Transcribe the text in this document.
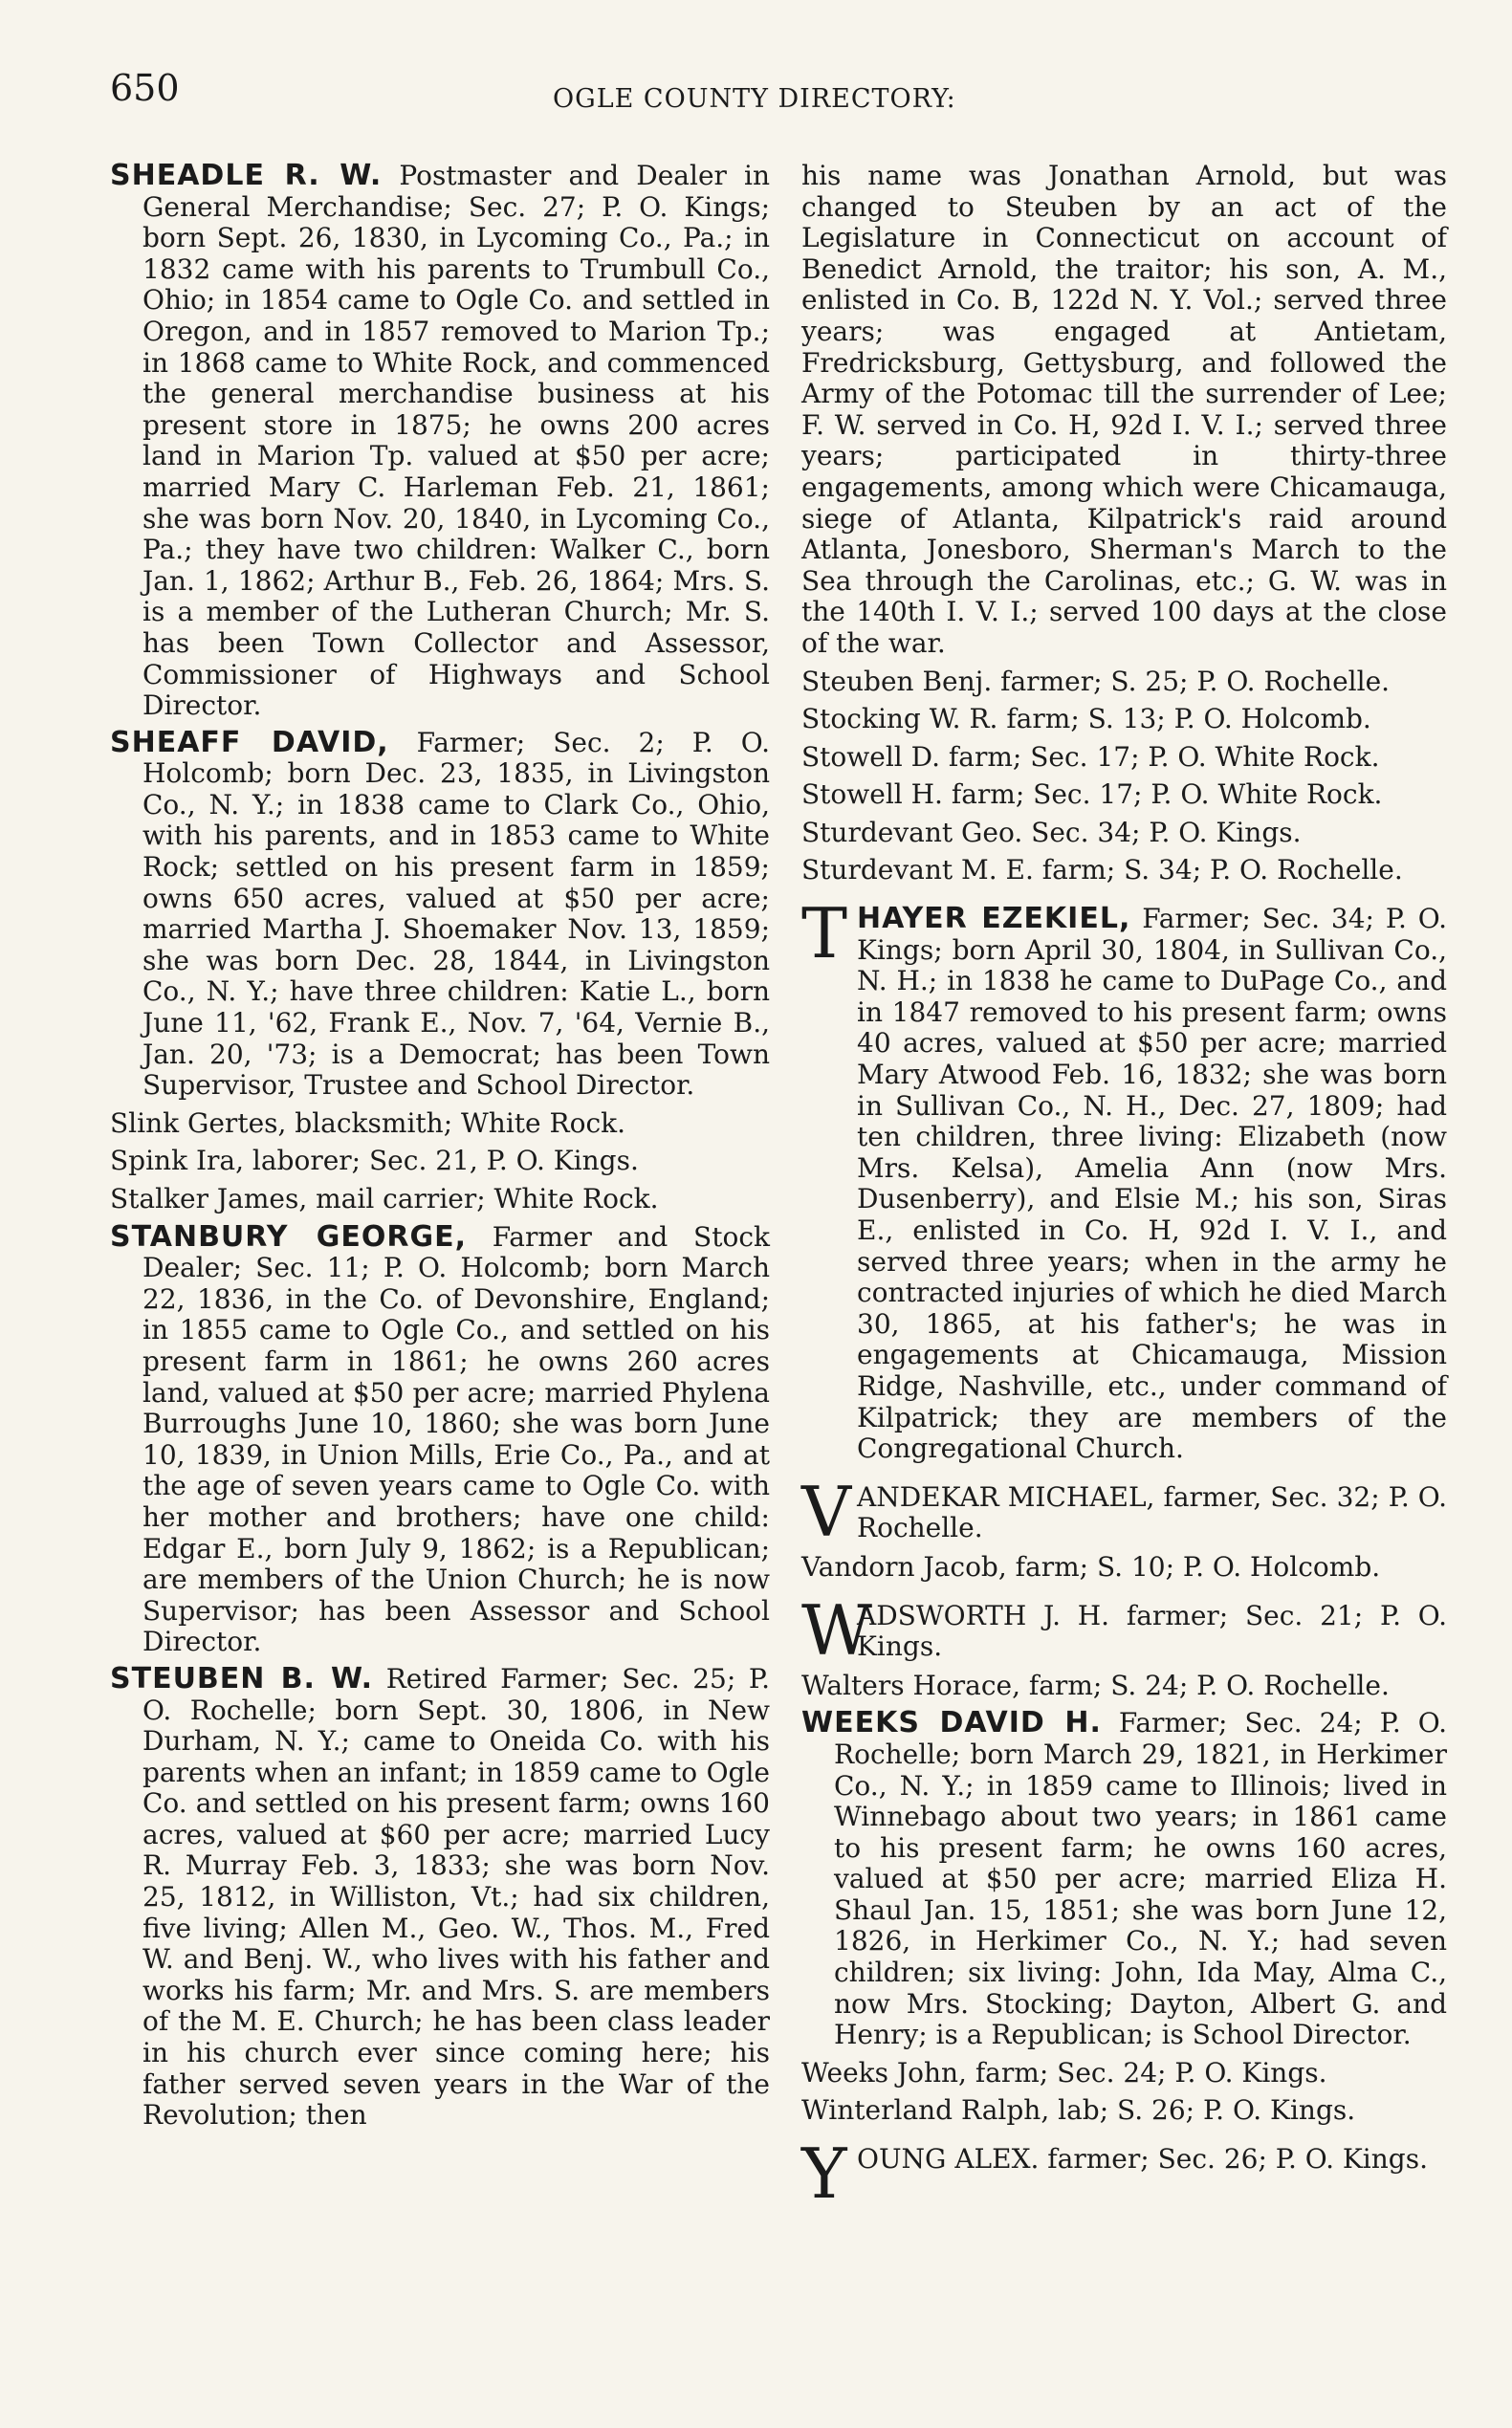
650	OGLE COUNTY DIRECTORY:

SHEADLE R. W. Postmaster and Dealer in General Merchandise; Sec. 27; P. O. Kings; born Sept. 26, 1830, in Lycoming Co., Pa.; in 1832 came with his parents to Trumbull Co., Ohio; in 1854 came to Ogle Co. and settled in Oregon, and in 1857 removed to Marion Tp.; in 1868 came to White Rock, and commenced the general merchandise business at his present store in 1875; he owns 200 acres land in Marion Tp. valued at $50 per acre; married Mary C. Harleman Feb. 21, 1861; she was born Nov. 20, 1840, in Lycoming Co., Pa.; they have two children: Walker C., born Jan. 1, 1862; Arthur B., Feb. 26, 1864; Mrs. S. is a member of the Lutheran Church; Mr. S. has been Town Collector and Assessor, Commissioner of Highways and School Director.

SHEAFF DAVID, Farmer; Sec. 2; P. O. Holcomb; born Dec. 23, 1835, in Livingston Co., N. Y.; in 1838 came to Clark Co., Ohio, with his parents, and in 1853 came to White Rock; settled on his present farm in 1859; owns 650 acres, valued at $50 per acre; married Martha J. Shoemaker Nov. 13, 1859; she was born Dec. 28, 1844, in Livingston Co., N. Y.; have three children: Katie L., born June 11, '62, Frank E., Nov. 7, '64, Vernie B., Jan. 20, '73; is a Democrat; has been Town Supervisor, Trustee and School Director.

Slink Gertes, blacksmith; White Rock.

Spink Ira, laborer; Sec. 21, P. O. Kings.

Stalker James, mail carrier; White Rock.

STANBURY GEORGE, Farmer and Stock Dealer; Sec. 11; P. O. Holcomb; born March 22, 1836, in the Co. of Devonshire, England; in 1855 came to Ogle Co., and settled on his present farm in 1861; he owns 260 acres land, valued at $50 per acre; married Phylena Burroughs June 10, 1860; she was born June 10, 1839, in Union Mills, Erie Co., Pa., and at the age of seven years came to Ogle Co. with her mother and brothers; have one child: Edgar E., born July 9, 1862; is a Republican; are members of the Union Church; he is now Supervisor; has been Assessor and School Director.

STEUBEN B. W. Retired Farmer; Sec. 25; P. O. Rochelle; born Sept. 30, 1806, in New Durham, N. Y.; came to Oneida Co. with his parents when an infant; in 1859 came to Ogle Co. and settled on his present farm; owns 160 acres, valued at $60 per acre; married Lucy R. Murray Feb. 3, 1833; she was born Nov. 25, 1812, in Williston, Vt.; had six children, five living; Allen M., Geo. W., Thos. M., Fred W. and Benj. W., who lives with his father and works his farm; Mr. and Mrs. S. are members of the M. E. Church; he has been class leader in his church ever since coming here; his father served seven years in the War of the Revolution; then

his name was Jonathan Arnold, but was changed to Steuben by an act of the Legislature in Connecticut on account of Benedict Arnold, the traitor; his son, A. M., enlisted in Co. B, 122d N. Y. Vol.; served three years; was engaged at Antietam, Fredricksburg, Gettysburg, and followed the Army of the Potomac till the surrender of Lee; F. W. served in Co. H, 92d I. V. I.; served three years; participated in thirty-three engagements, among which were Chicamauga, siege of Atlanta, Kilpatrick's raid around Atlanta, Jonesboro, Sherman's March to the Sea through the Carolinas, etc.; G. W. was in the 140th I. V. I.; served 100 days at the close of the war.

Steuben Benj. farmer; S. 25; P. O. Rochelle.

Stocking W. R. farm; S. 13; P. O. Holcomb.

Stowell D. farm; Sec. 17; P. O. White Rock.

Stowell H. farm; Sec. 17; P. O. White Rock.

Sturdevant Geo. Sec. 34; P. O. Kings.

Sturdevant M. E. farm; S. 34; P. O. Rochelle.

T HAYER EZEKIEL, Farmer; Sec. 34; P. O. Kings; born April 30, 1804, in Sullivan Co., N. H.; in 1838 he came to DuPage Co., and in 1847 removed to his present farm; owns 40 acres, valued at $50 per acre; married Mary Atwood Feb. 16, 1832; she was born in Sullivan Co., N. H., Dec. 27, 1809; had ten children, three living: Elizabeth (now Mrs. Kelsa), Amelia Ann (now Mrs. Dusenberry), and Elsie M.; his son, Siras E., enlisted in Co. H, 92d I. V. I., and served three years; when in the army he contracted injuries of which he died March 30, 1865, at his father's; he was in engagements at Chicamauga, Mission Ridge, Nashville, etc., under command of Kilpatrick; they are members of the Congregational Church.
V ANDEKAR MICHAEL, farmer, Sec. 32; P. O. Rochelle.

Vandorn Jacob, farm; S. 10; P. O. Holcomb.

W
ADSWORTH J. H. farmer; Sec. 21; P. O. Kings.

Walters Horace, farm; S. 24; P. O. Rochelle.

WEEKS DAVID H. Farmer; Sec. 24; P. O. Rochelle; born March 29, 1821, in Herkimer Co., N. Y.; in 1859 came to Illinois; lived in Winnebago about two years; in 1861 came to his present farm; he owns 160 acres, valued at $50 per acre; married Eliza H. Shaul Jan. 15, 1851; she was born June 12, 1826, in Herkimer Co., N. Y.; had seven children; six living: John, Ida May, Alma C., now Mrs. Stocking; Dayton, Albert G. and Henry; is a Republican; is School Director.

Weeks John, farm; Sec. 24; P. O. Kings.

Winterland Ralph, lab; S. 26; P. O. Kings.

Y OUNG ALEX. farmer; Sec. 26; P. O. Kings.
